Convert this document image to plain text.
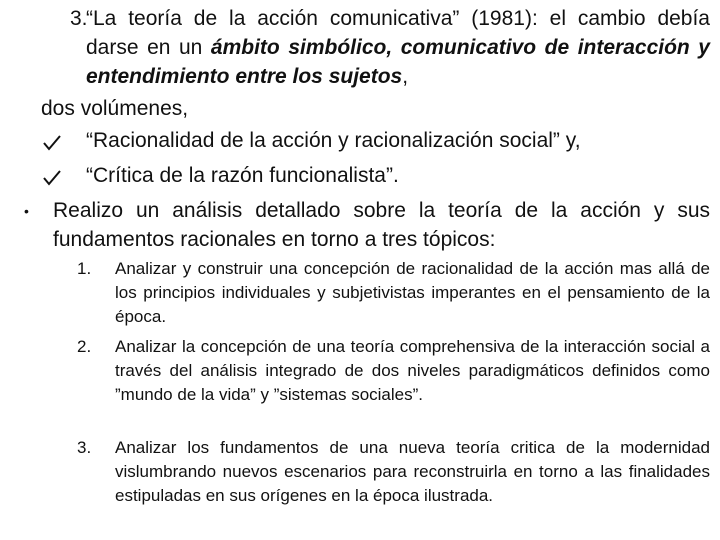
3.
“La teoría de la acción comunicativa” (1981): el cambio debía darse en un ámbito simbólico, comunicativo de interacción y entendimiento entre los sujetos,
dos volúmenes,
“Racionalidad de la acción y racionalización social” y,
“Crítica de la razón funcionalista”.
• Realizo un análisis detallado sobre la teoría de la acción y sus fundamentos racionales en torno a tres tópicos:
1. Analizar y construir una concepción de racionalidad de la acción mas allá de los principios individuales y subjetivistas imperantes en el pensamiento de la época.
2. Analizar la concepción de una teoría comprehensiva de la interacción social a través del análisis integrado de dos niveles paradigmáticos definidos como ”mundo de la vida” y ”sistemas sociales”.
3. Analizar los fundamentos de una nueva teoría critica de la modernidad vislumbrando nuevos escenarios para reconstruirla en torno a las finalidades estipuladas en sus orígenes en la época ilustrada.
